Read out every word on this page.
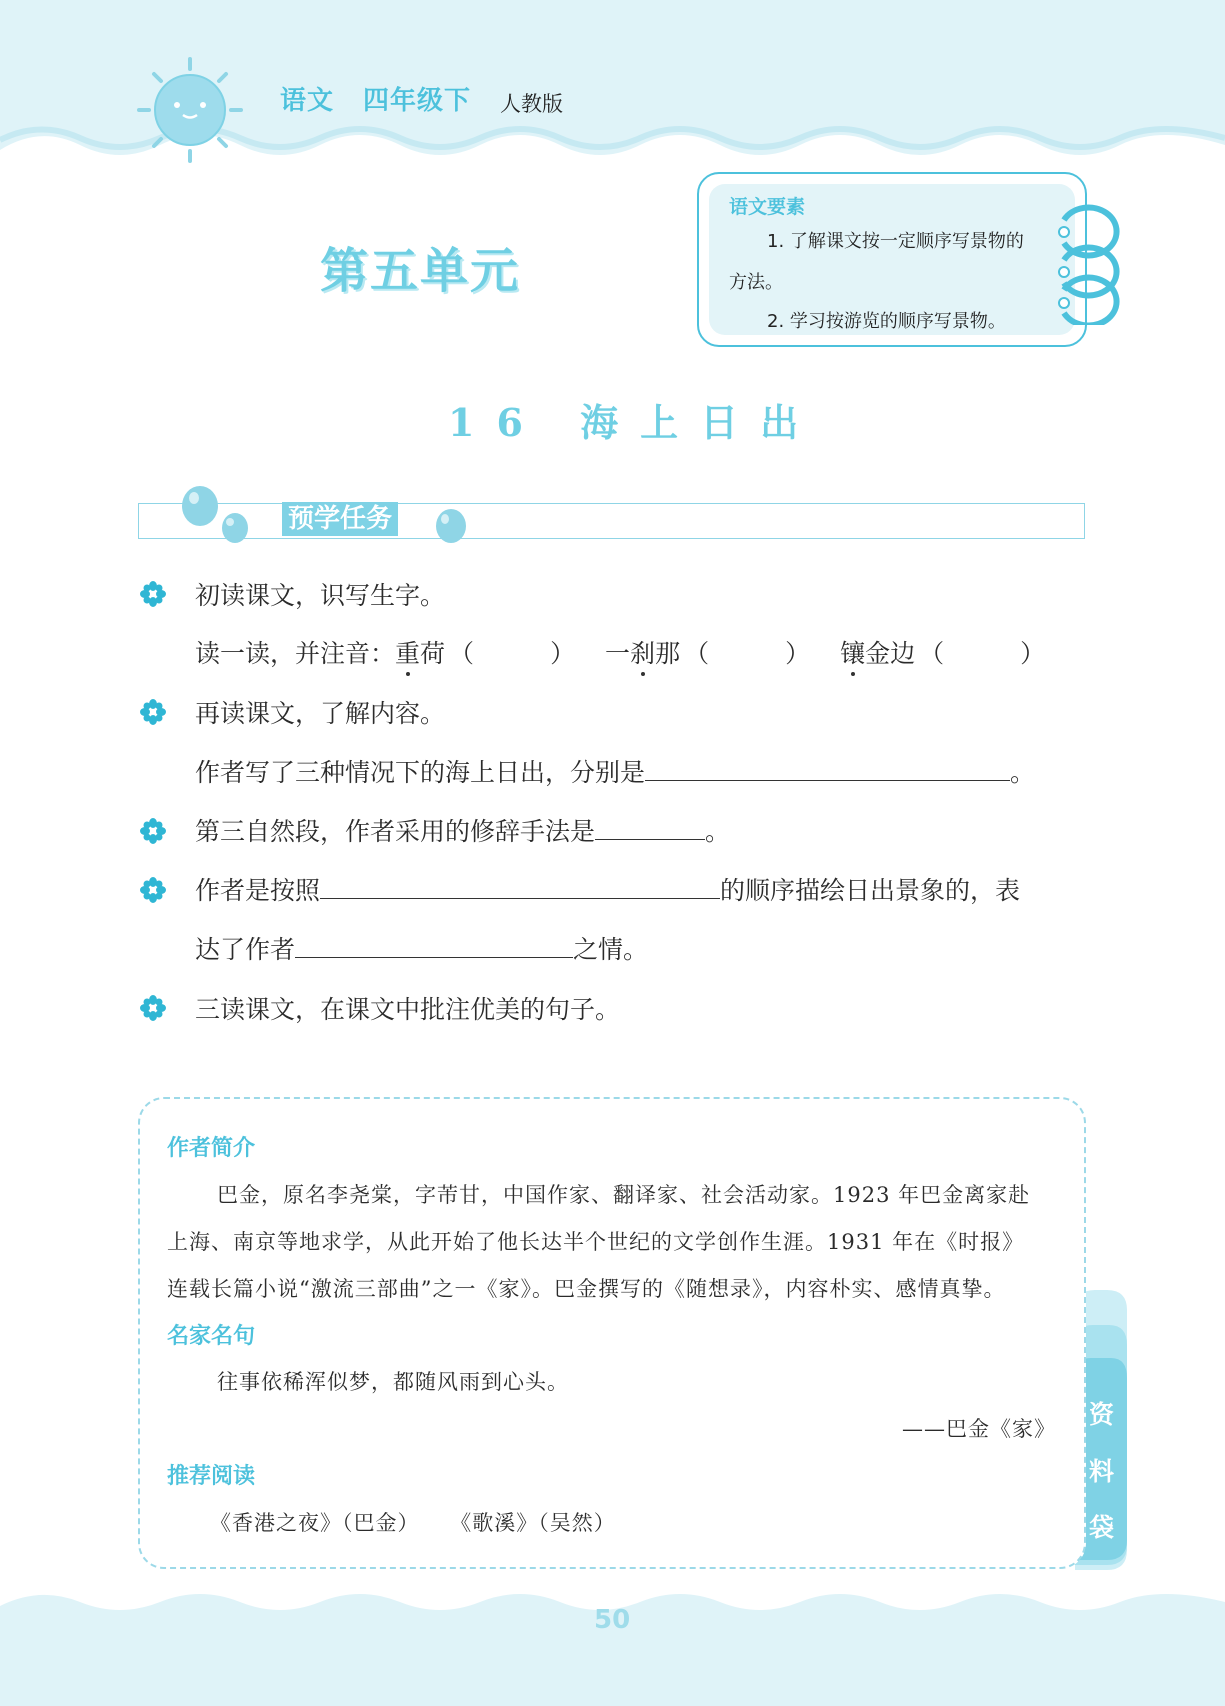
语文 四年级下 人教版
第五单元
语文要素
1. 了解课文按一定顺序写景物的
方法。
2. 学习按游览的顺序写景物。
16 海上日出
预学任务
初读课文，识写生字。
读一读，并注音：重荷 （	） 一刹那 （	） 镶金边 （	）
再读课文，了解内容。
作者写了三种情况下的海上日出，分别是	。
第三自然段，作者采用的修辞手法是	。
作者是按照	的顺序描绘日出景象的，表
达了作者	之情。
三读课文，在课文中批注优美的句子。
资
料
袋
作者简介
巴金，原名李尧棠，字芾甘，中国作家、翻译家、社会活动家。1923 年巴金离家赴
上海、南京等地求学，从此开始了他长达半个世纪的文学创作生涯。1931 年在《时报》
连载长篇小说“激流三部曲”之一《家》。巴金撰写的《随想录》，内容朴实、感情真挚。
名家名句
往事依稀浑似梦，都随风雨到心头。
——巴金《家》
推荐阅读
《香港之夜》（巴金）    《歌溪》（吴然）
50
